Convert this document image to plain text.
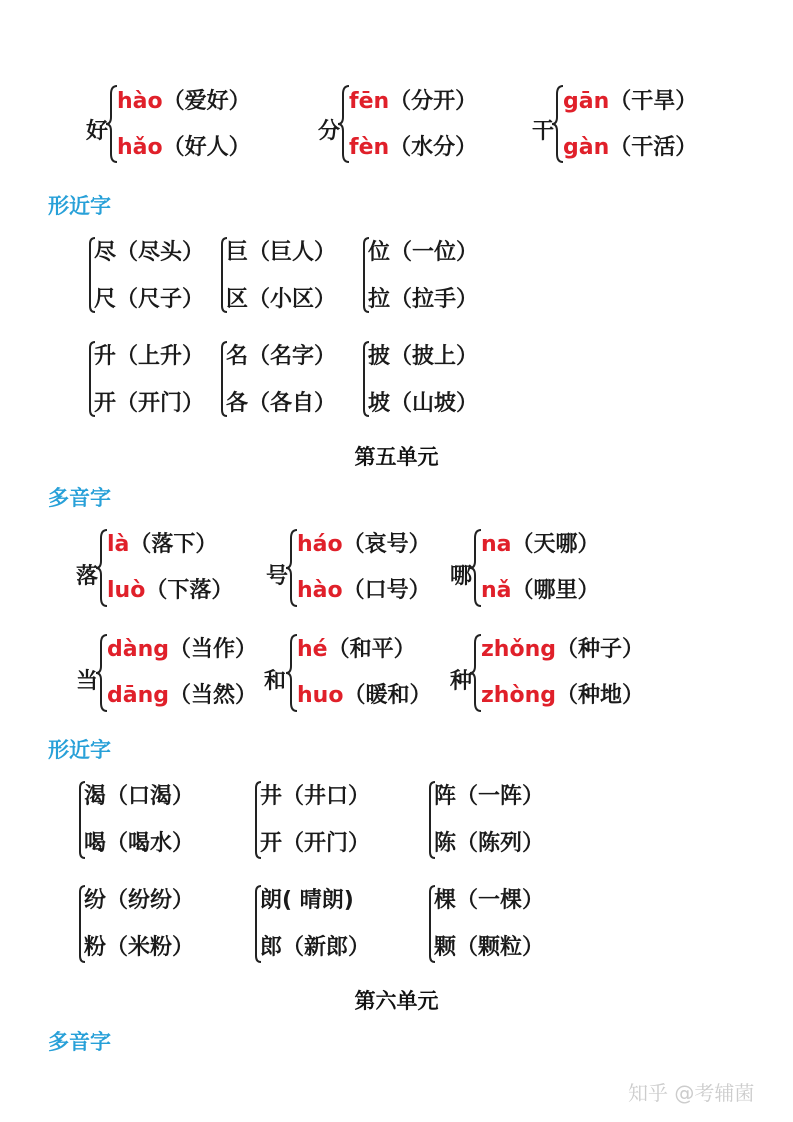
好
hào（爱好）
hǎo（好人）
分
fēn（分开）
fèn（水分）
干
gān（干旱）
gàn（干活）
形近字
尽（尽头）
尺（尺子）
巨（巨人）
区（小区）
位（一位）
拉（拉手）
升（上升）
开（开门）
名（名字）
各（各自）
披（披上）
坡（山坡）
第五单元
多音字
落
là（落下）
luò（下落）
号
háo（哀号）
hào（口号）
哪
na（天哪）
nǎ（哪里）
当
dàng（当作）
dāng（当然）
和
hé（和平）
huo（暖和）
种
zhǒng（种子）
zhòng（种地）
形近字
渴（口渴）
喝（喝水）
井（井口）
开（开门）
阵（一阵）
陈（陈列）
纷（纷纷）
粉（米粉）
朗( 晴朗)
郎（新郎）
棵（一棵）
颗（颗粒）
第六单元
多音字
知乎 @考辅菌
